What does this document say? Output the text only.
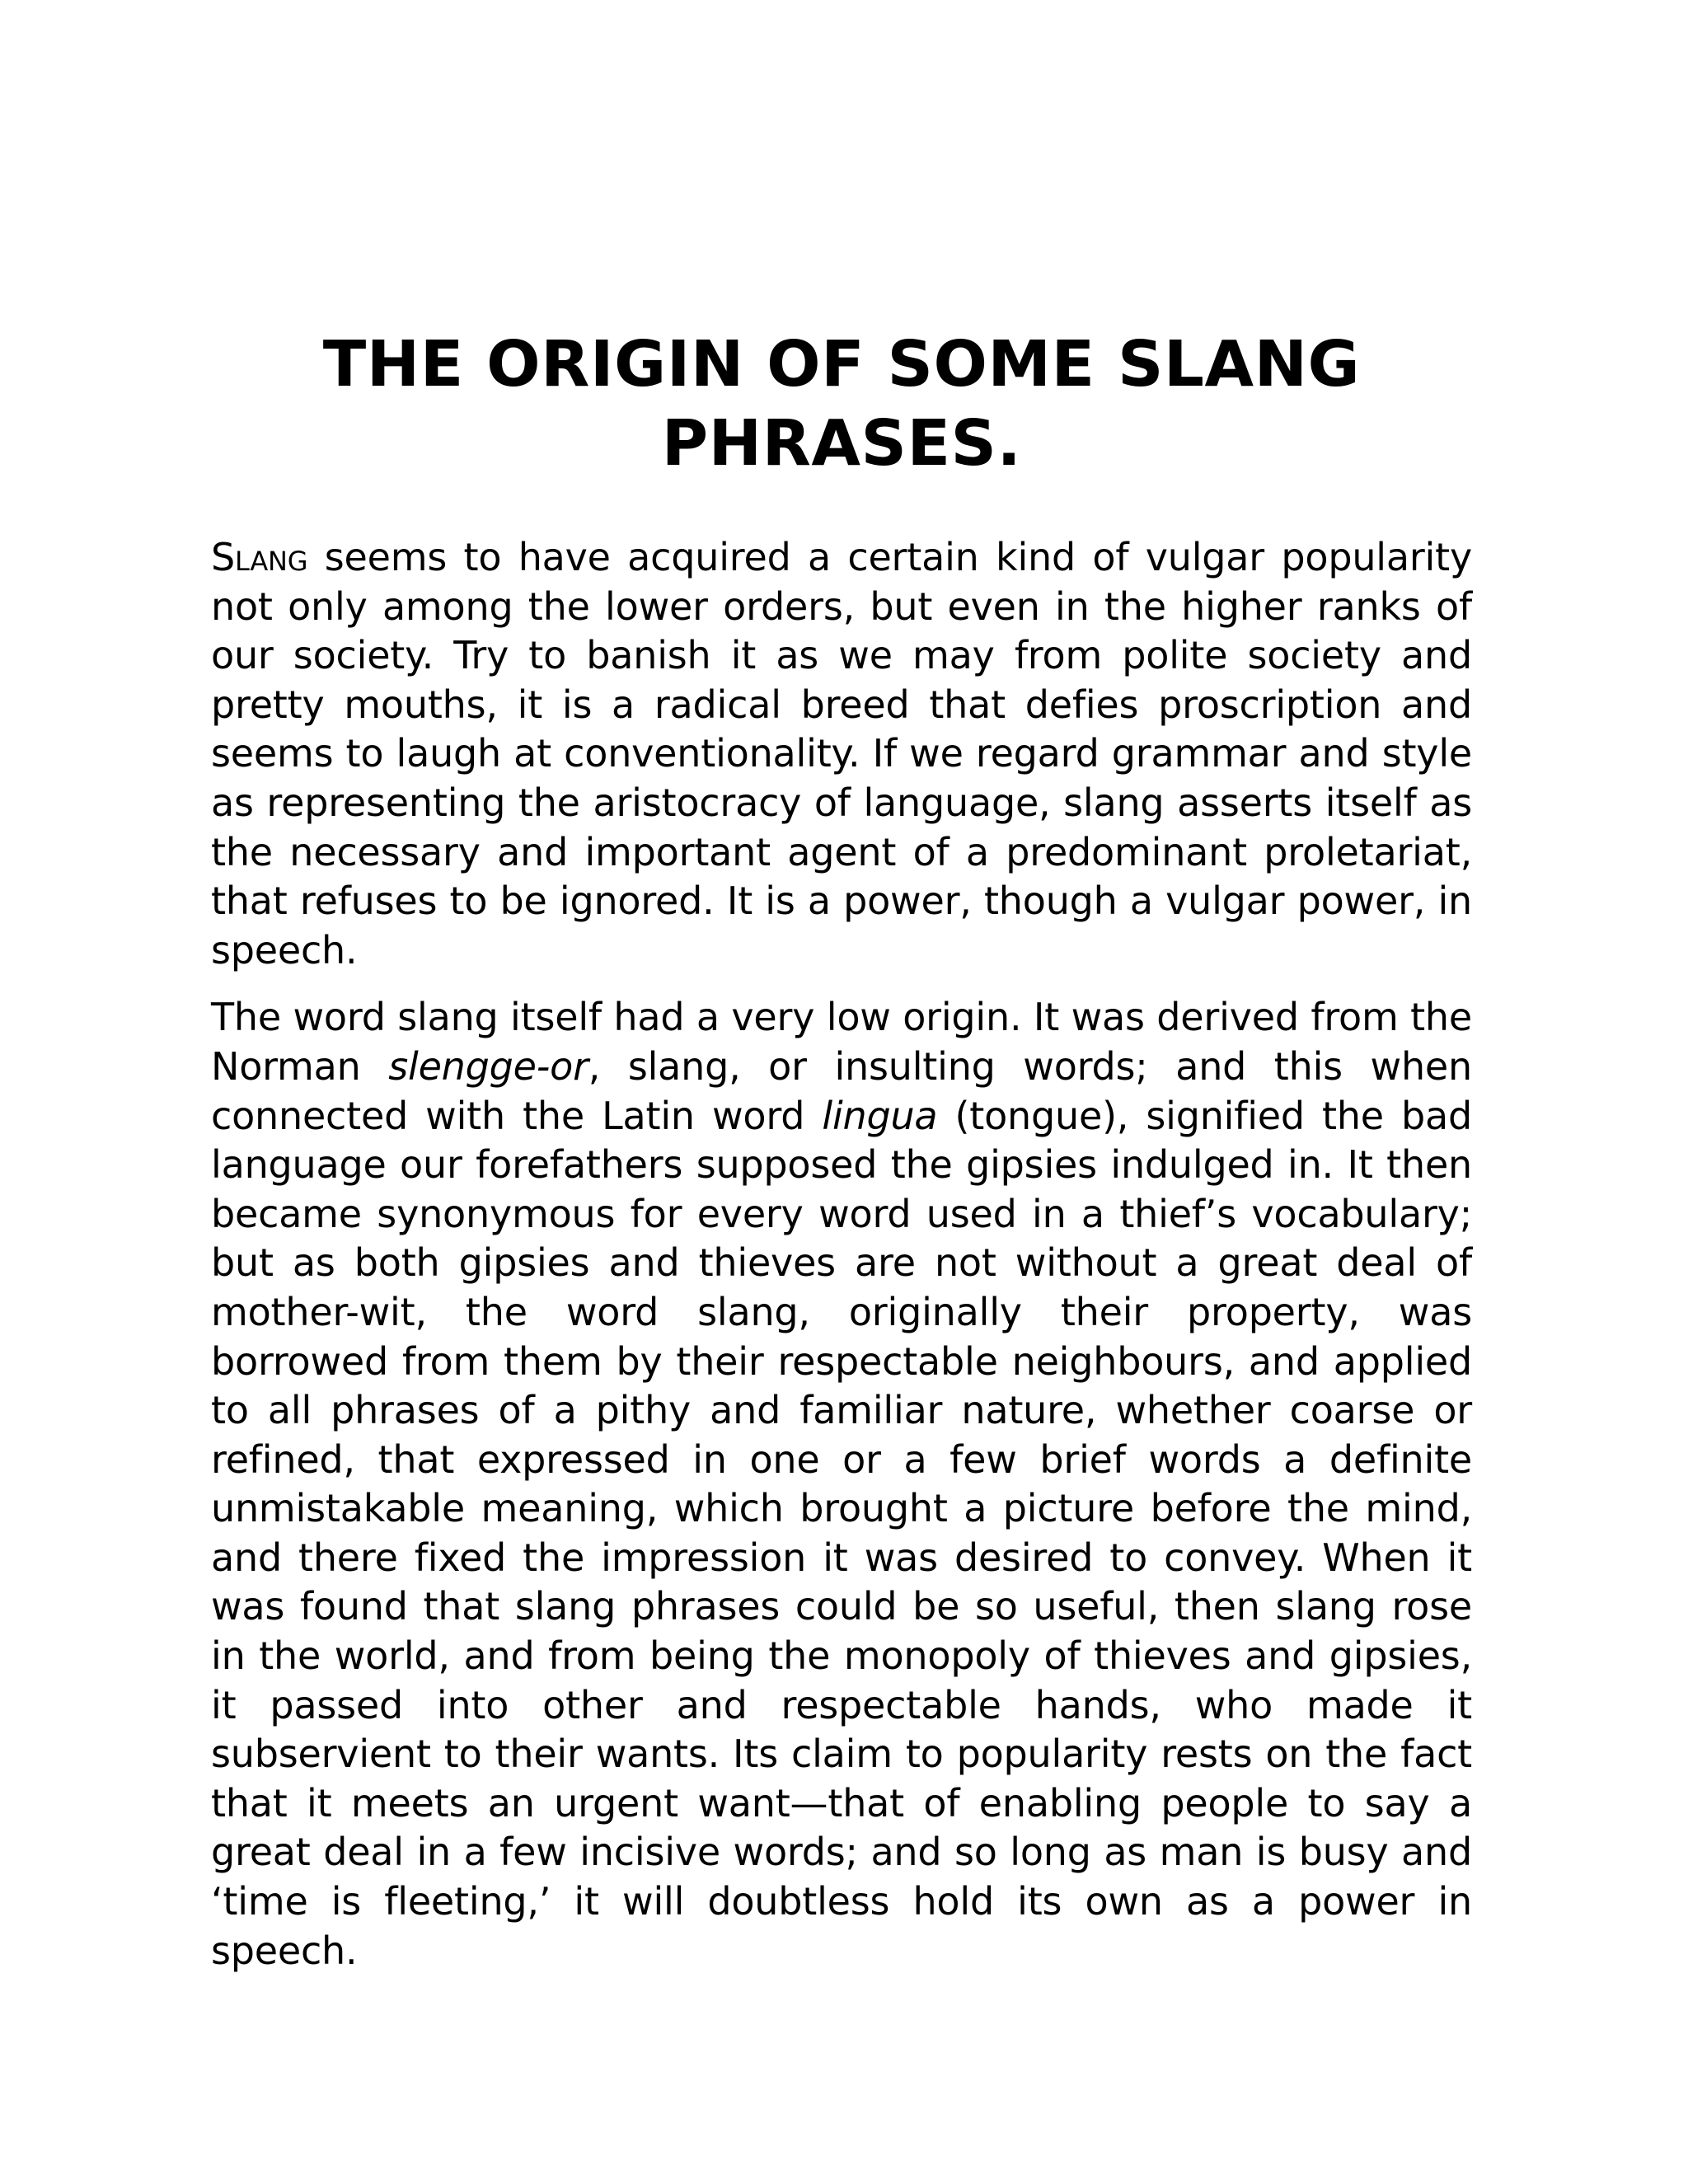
THE ORIGIN OF SOME SLANG
PHRASES.

Slang seems to have acquired a certain kind of vulgar popularity not only among the lower orders, but even in the higher ranks of our society. Try to banish it as we may from polite society and pretty mouths, it is a radical breed that defies proscription and seems to laugh at conventionality. If we regard grammar and style as representing the aristocracy of language, slang asserts itself as the necessary and important agent of a predominant proletariat, that refuses to be ignored. It is a power, though a vulgar power, in speech.

The word slang itself had a very low origin. It was derived from the Norman slengge-or, slang, or insulting words; and this when connected with the Latin word lingua (tongue), signified the bad language our forefathers supposed the gipsies indulged in. It then became synonymous for every word used in a thief’s vocabulary; but as both gipsies and thieves are not without a great deal of mother-wit, the word slang, originally their property, was borrowed from them by their respectable neighbours, and applied to all phrases of a pithy and familiar nature, whether coarse or refined, that expressed in one or a few brief words a definite unmistakable meaning, which brought a picture before the mind, and there fixed the impression it was desired to convey. When it was found that slang phrases could be so useful, then slang rose in the world, and from being the monopoly of thieves and gipsies, it passed into other and respectable hands, who made it subservient to their wants. Its claim to popularity rests on the fact that it meets an urgent want—that of enabling people to say a great deal in a few incisive words; and so long as man is busy and ‘time is fleeting,’ it will doubtless hold its own as a power in speech.
